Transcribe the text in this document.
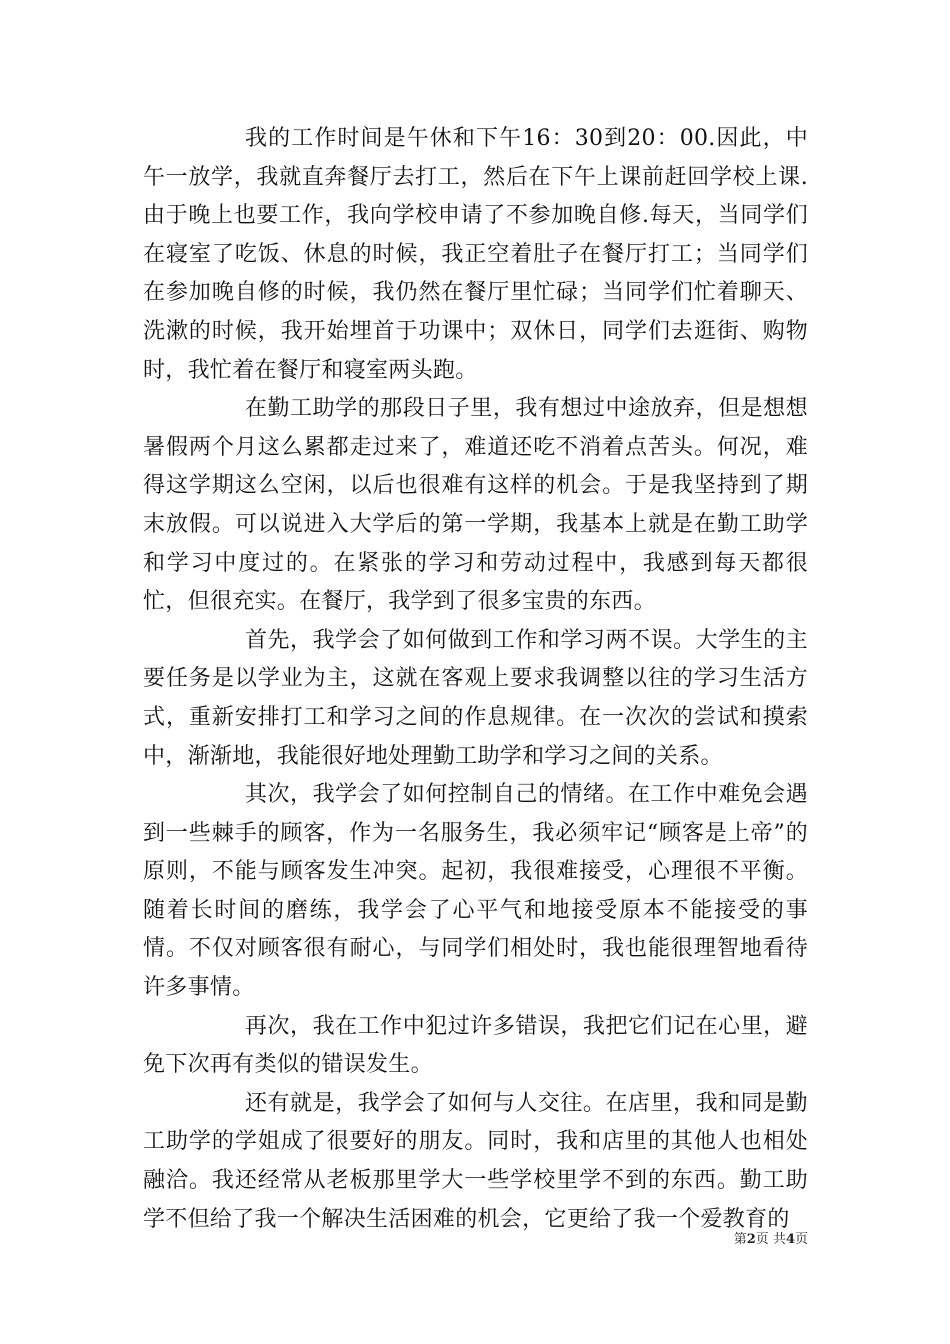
我的工作时间是午休和下午16：30到20：00.因此，中午一放学，我就直奔餐厅去打工，然后在下午上课前赶回学校上课.由于晚上也要工作，我向学校申请了不参加晚自修.每天，当同学们在寝室了吃饭、休息的时候，我正空着肚子在餐厅打工；当同学们在参加晚自修的时候，我仍然在餐厅里忙碌；当同学们忙着聊天、洗漱的时候，我开始埋首于功课中；双休日，同学们去逛街、购物时，我忙着在餐厅和寝室两头跑。

在勤工助学的那段日子里，我有想过中途放弃，但是想想暑假两个月这么累都走过来了，难道还吃不消着点苦头。何况，难得这学期这么空闲，以后也很难有这样的机会。于是我坚持到了期末放假。可以说进入大学后的第一学期，我基本上就是在勤工助学和学习中度过的。在紧张的学习和劳动过程中，我感到每天都很忙，但很充实。在餐厅，我学到了很多宝贵的东西。

首先，我学会了如何做到工作和学习两不误。大学生的主要任务是以学业为主，这就在客观上要求我调整以往的学习生活方式，重新安排打工和学习之间的作息规律。在一次次的尝试和摸索中，渐渐地，我能很好地处理勤工助学和学习之间的关系。

其次，我学会了如何控制自己的情绪。在工作中难免会遇到一些棘手的顾客，作为一名服务生，我必须牢记“顾客是上帝”的原则，不能与顾客发生冲突。起初，我很难接受，心理很不平衡。随着长时间的磨练，我学会了心平气和地接受原本不能接受的事情。不仅对顾客很有耐心，与同学们相处时，我也能很理智地看待许多事情。

再次，我在工作中犯过许多错误，我把它们记在心里，避免下次再有类似的错误发生。

还有就是，我学会了如何与人交往。在店里，我和同是勤工助学的学姐成了很要好的朋友。同时，我和店里的其他人也相处融洽。我还经常从老板那里学大一些学校里学不到的东西。勤工助学不但给了我一个解决生活困难的机会，它更给了我一个爱教育的

第2页 共4页
